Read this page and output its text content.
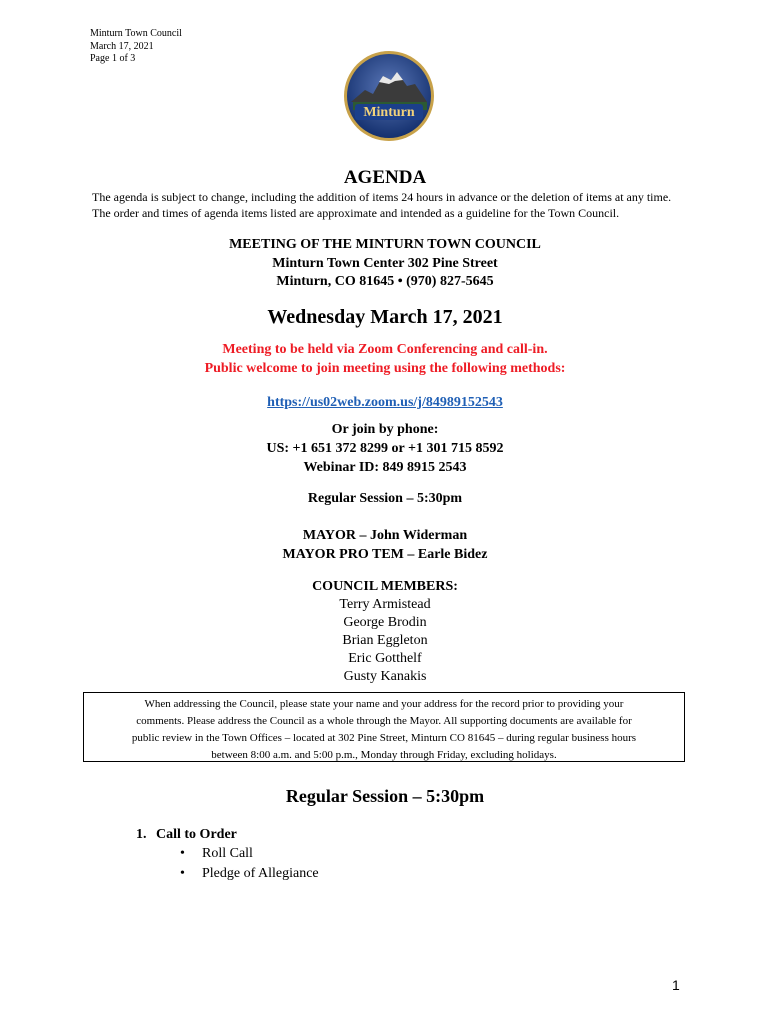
Minturn Town Council
March 17, 2021
Page 1 of 3
Minturn
AGENDA
The agenda is subject to change, including the addition of items 24 hours in advance or the deletion of items at any time. The order and times of agenda items listed are approximate and intended as a guideline for the Town Council.
MEETING OF THE MINTURN TOWN COUNCIL
Minturn Town Center 302 Pine Street
Minturn, CO 81645 • (970) 827-5645
Wednesday March 17, 2021
Meeting to be held via Zoom Conferencing and call-in.
Public welcome to join meeting using the following methods:
https://us02web.zoom.us/j/84989152543
Or join by phone:
US: +1 651 372 8299 or +1 301 715 8592
Webinar ID: 849 8915 2543
Regular Session – 5:30pm
MAYOR – John Widerman
MAYOR PRO TEM – Earle Bidez
COUNCIL MEMBERS:
Terry Armistead
George Brodin
Brian Eggleton
Eric Gotthelf
Gusty Kanakis
When addressing the Council, please state your name and your address for the record prior to providing your
comments. Please address the Council as a whole through the Mayor. All supporting documents are available for
public review in the Town Offices – located at 302 Pine Street, Minturn CO 81645 – during regular business hours
between 8:00 a.m. and 5:00 p.m., Monday through Friday, excluding holidays.
Regular Session – 5:30pm
1. Call to Order
• Roll Call
• Pledge of Allegiance
1
